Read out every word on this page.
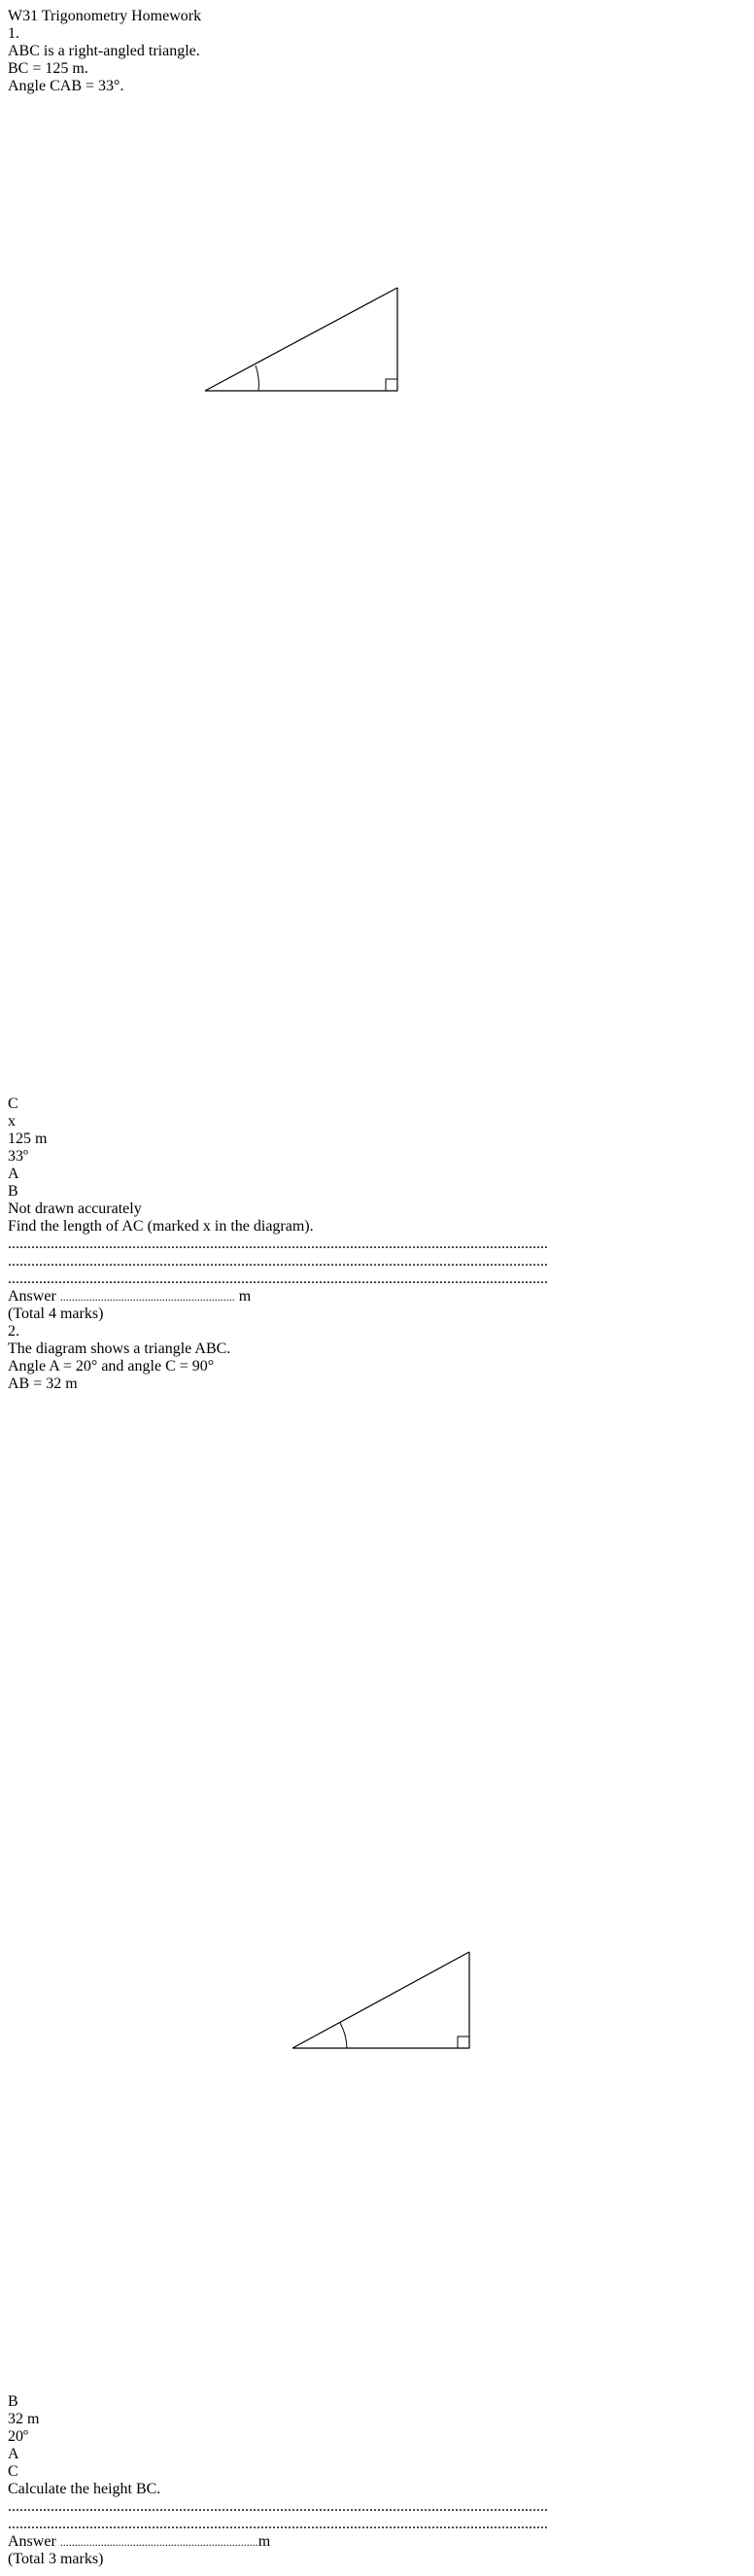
W31 Trigonometry Homework
1.
ABC is a right-angled triangle.
BC = 125 m.
Angle CAB = 33°.
C
x
125 m
33º
A
B
Not drawn accurately
Find the length of AC (marked x in the diagram).
...........................................................................................................................................
...........................................................................................................................................
...........................................................................................................................................
Answer ............................................................ m
(Total 4 marks)
2.
The diagram shows a triangle ABC.
Angle A = 20° and angle C = 90°
AB = 32 m
B
32 m
20º
A
C
Calculate the height BC.
...........................................................................................................................................
...........................................................................................................................................
Answer ....................................................................m
(Total 3 marks)
